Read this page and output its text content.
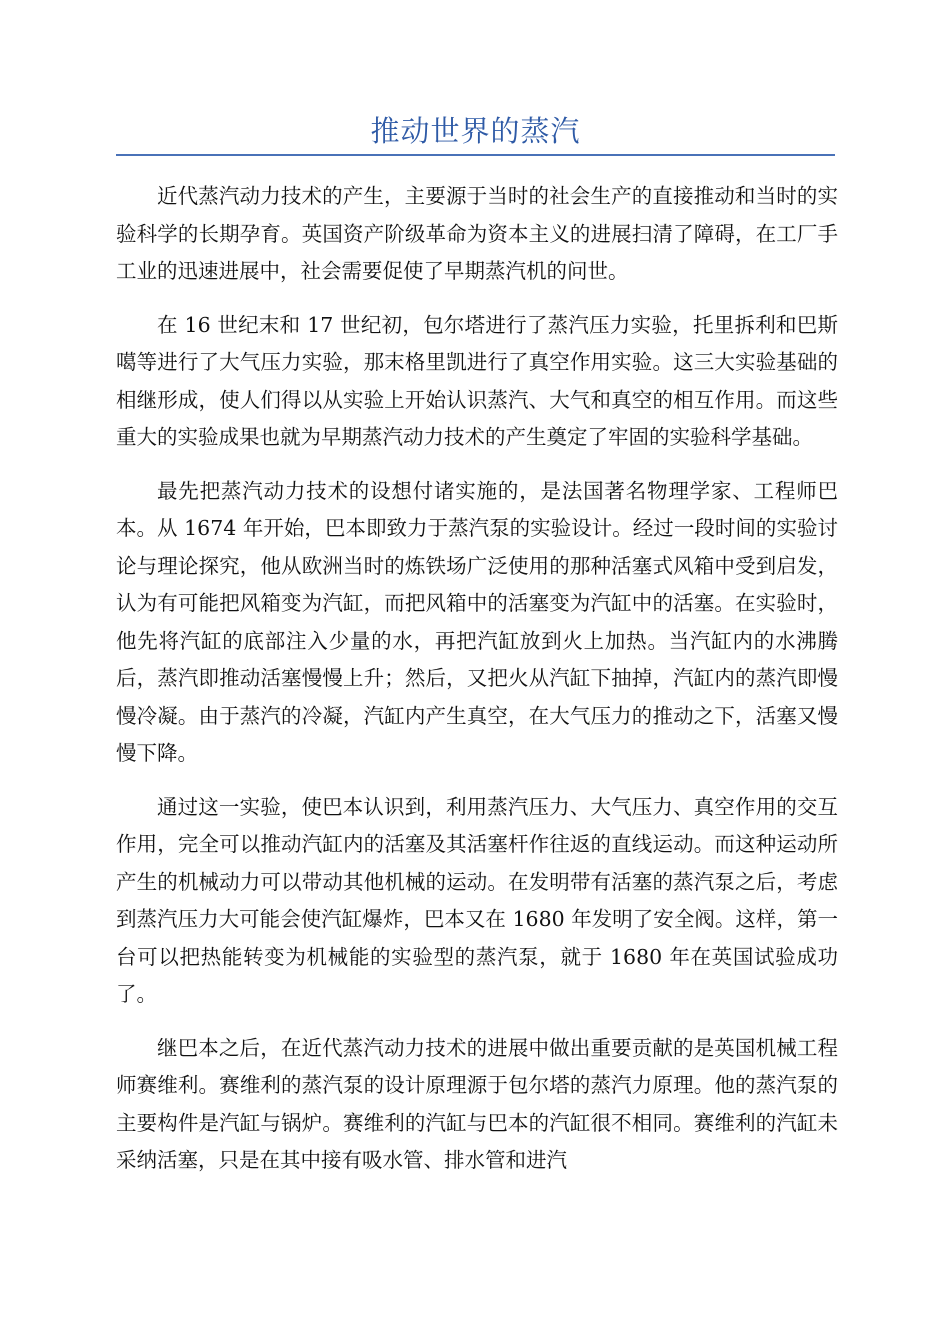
推动世界的蒸汽

近代蒸汽动力技术的产生，主要源于当时的社会生产的直接推动和当时的实验科学的长期孕育。英国资产阶级革命为资本主义的进展扫清了障碍，在工厂手工业的迅速进展中，社会需要促使了早期蒸汽机的问世。

在 16 世纪末和 17 世纪初，包尔塔进行了蒸汽压力实验，托里拆利和巴斯噶等进行了大气压力实验，那末格里凯进行了真空作用实验。这三大实验基础的相继形成，使人们得以从实验上开始认识蒸汽、大气和真空的相互作用。而这些重大的实验成果也就为早期蒸汽动力技术的产生奠定了牢固的实验科学基础。

最先把蒸汽动力技术的设想付诸实施的，是法国著名物理学家、工程师巴本。从 1674 年开始，巴本即致力于蒸汽泵的实验设计。经过一段时间的实验讨论与理论探究，他从欧洲当时的炼铁场广泛使用的那种活塞式风箱中受到启发，认为有可能把风箱变为汽缸，而把风箱中的活塞变为汽缸中的活塞。在实验时，他先将汽缸的底部注入少量的水，再把汽缸放到火上加热。当汽缸内的水沸腾后，蒸汽即推动活塞慢慢上升；然后，又把火从汽缸下抽掉，汽缸内的蒸汽即慢慢冷凝。由于蒸汽的冷凝，汽缸内产生真空，在大气压力的推动之下，活塞又慢慢下降。

通过这一实验，使巴本认识到，利用蒸汽压力、大气压力、真空作用的交互作用，完全可以推动汽缸内的活塞及其活塞杆作往返的直线运动。而这种运动所产生的机械动力可以带动其他机械的运动。在发明带有活塞的蒸汽泵之后，考虑到蒸汽压力大可能会使汽缸爆炸，巴本又在 1680 年发明了安全阀。这样，第一台可以把热能转变为机械能的实验型的蒸汽泵，就于 1680 年在英国试验成功了。

继巴本之后，在近代蒸汽动力技术的进展中做出重要贡献的是英国机械工程师赛维利。赛维利的蒸汽泵的设计原理源于包尔塔的蒸汽力原理。他的蒸汽泵的主要构件是汽缸与锅炉。赛维利的汽缸与巴本的汽缸很不相同。赛维利的汽缸未采纳活塞，只是在其中接有吸水管、排水管和进汽
